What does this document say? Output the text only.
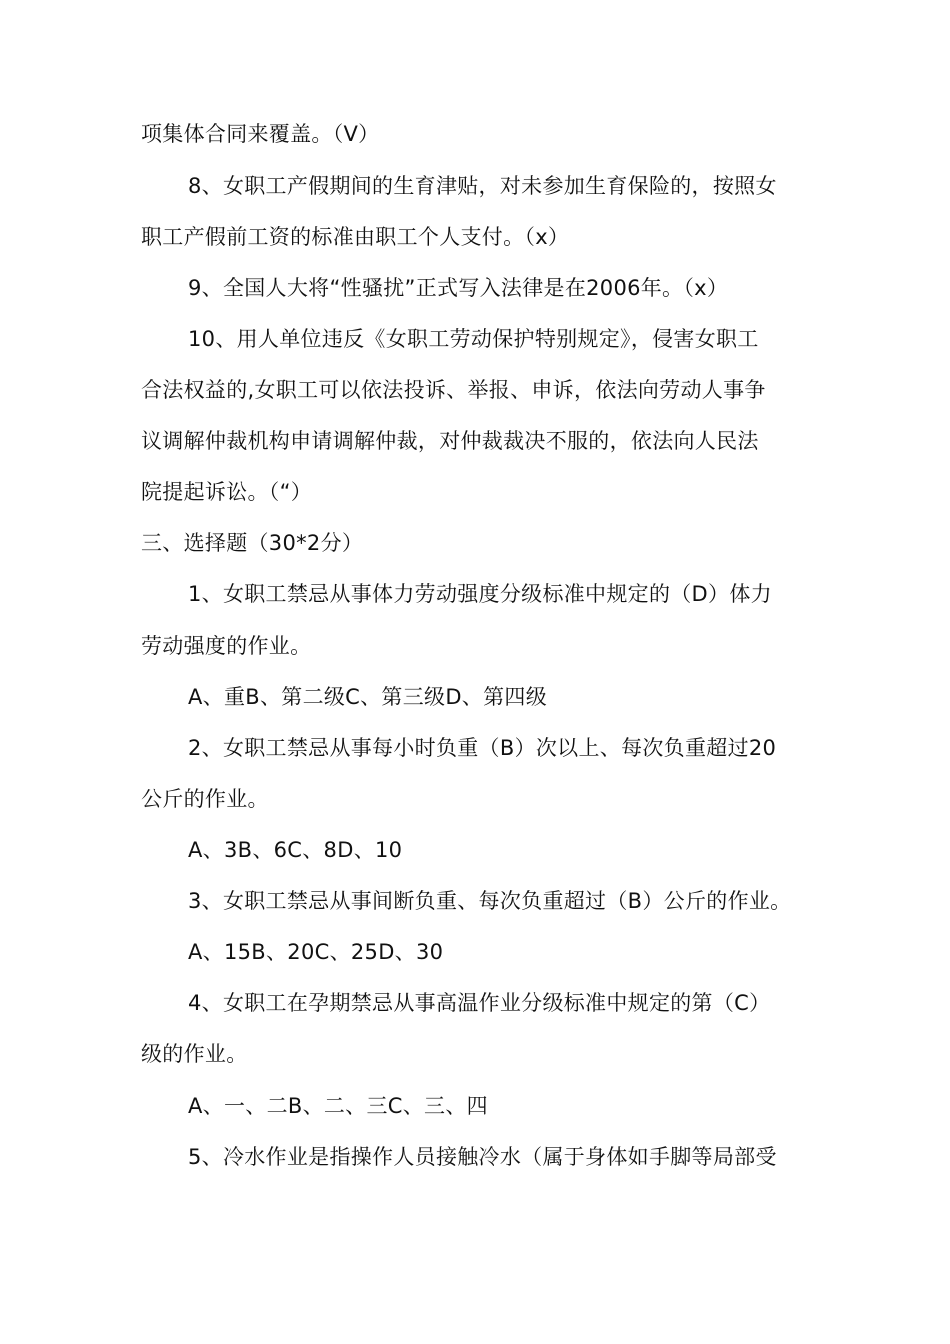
项集体合同来覆盖。（V）
8、女职工产假期间的生育津贴，对未参加生育保险的，按照女
职工产假前工资的标准由职工个人支付。（x）
9、全国人大将“性骚扰”正式写入法律是在2006年。（x）
10、用人单位违反《女职工劳动保护特别规定》，侵害女职工
合法权益的,女职工可以依法投诉、举报、申诉，依法向劳动人事争
议调解仲裁机构申请调解仲裁，对仲裁裁决不服的，依法向人民法
院提起诉讼。（“）
三、选择题（30*2分）
1、女职工禁忌从事体力劳动强度分级标准中规定的（D）体力
劳动强度的作业。
A、重B、第二级C、第三级D、第四级
2、女职工禁忌从事每小时负重（B）次以上、每次负重超过20
公斤的作业。
A、3B、6C、8D、10
3、女职工禁忌从事间断负重、每次负重超过（B）公斤的作业。
A、15B、20C、25D、30
4、女职工在孕期禁忌从事高温作业分级标准中规定的第（C）
级的作业。
A、一、二B、二、三C、三、四
5、冷水作业是指操作人员接触冷水（属于身体如手脚等局部受
